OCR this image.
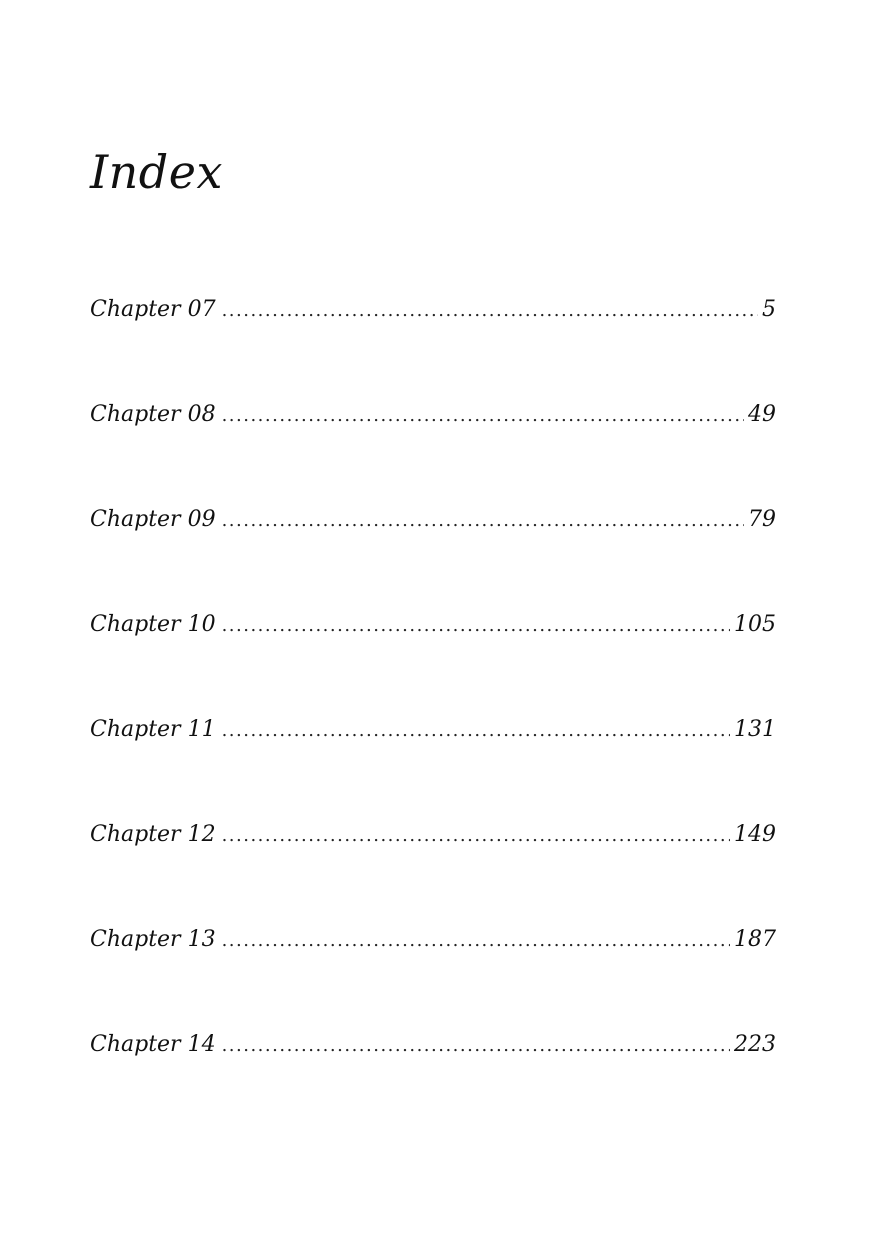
Index
Chapter 07 .....	5
Chapter 08 .....	49
Chapter 09 .....	79
Chapter 10 .....	105
Chapter 11 .....	131
Chapter 12 .....	149
Chapter 13 .....	187
Chapter 14 .....	223
